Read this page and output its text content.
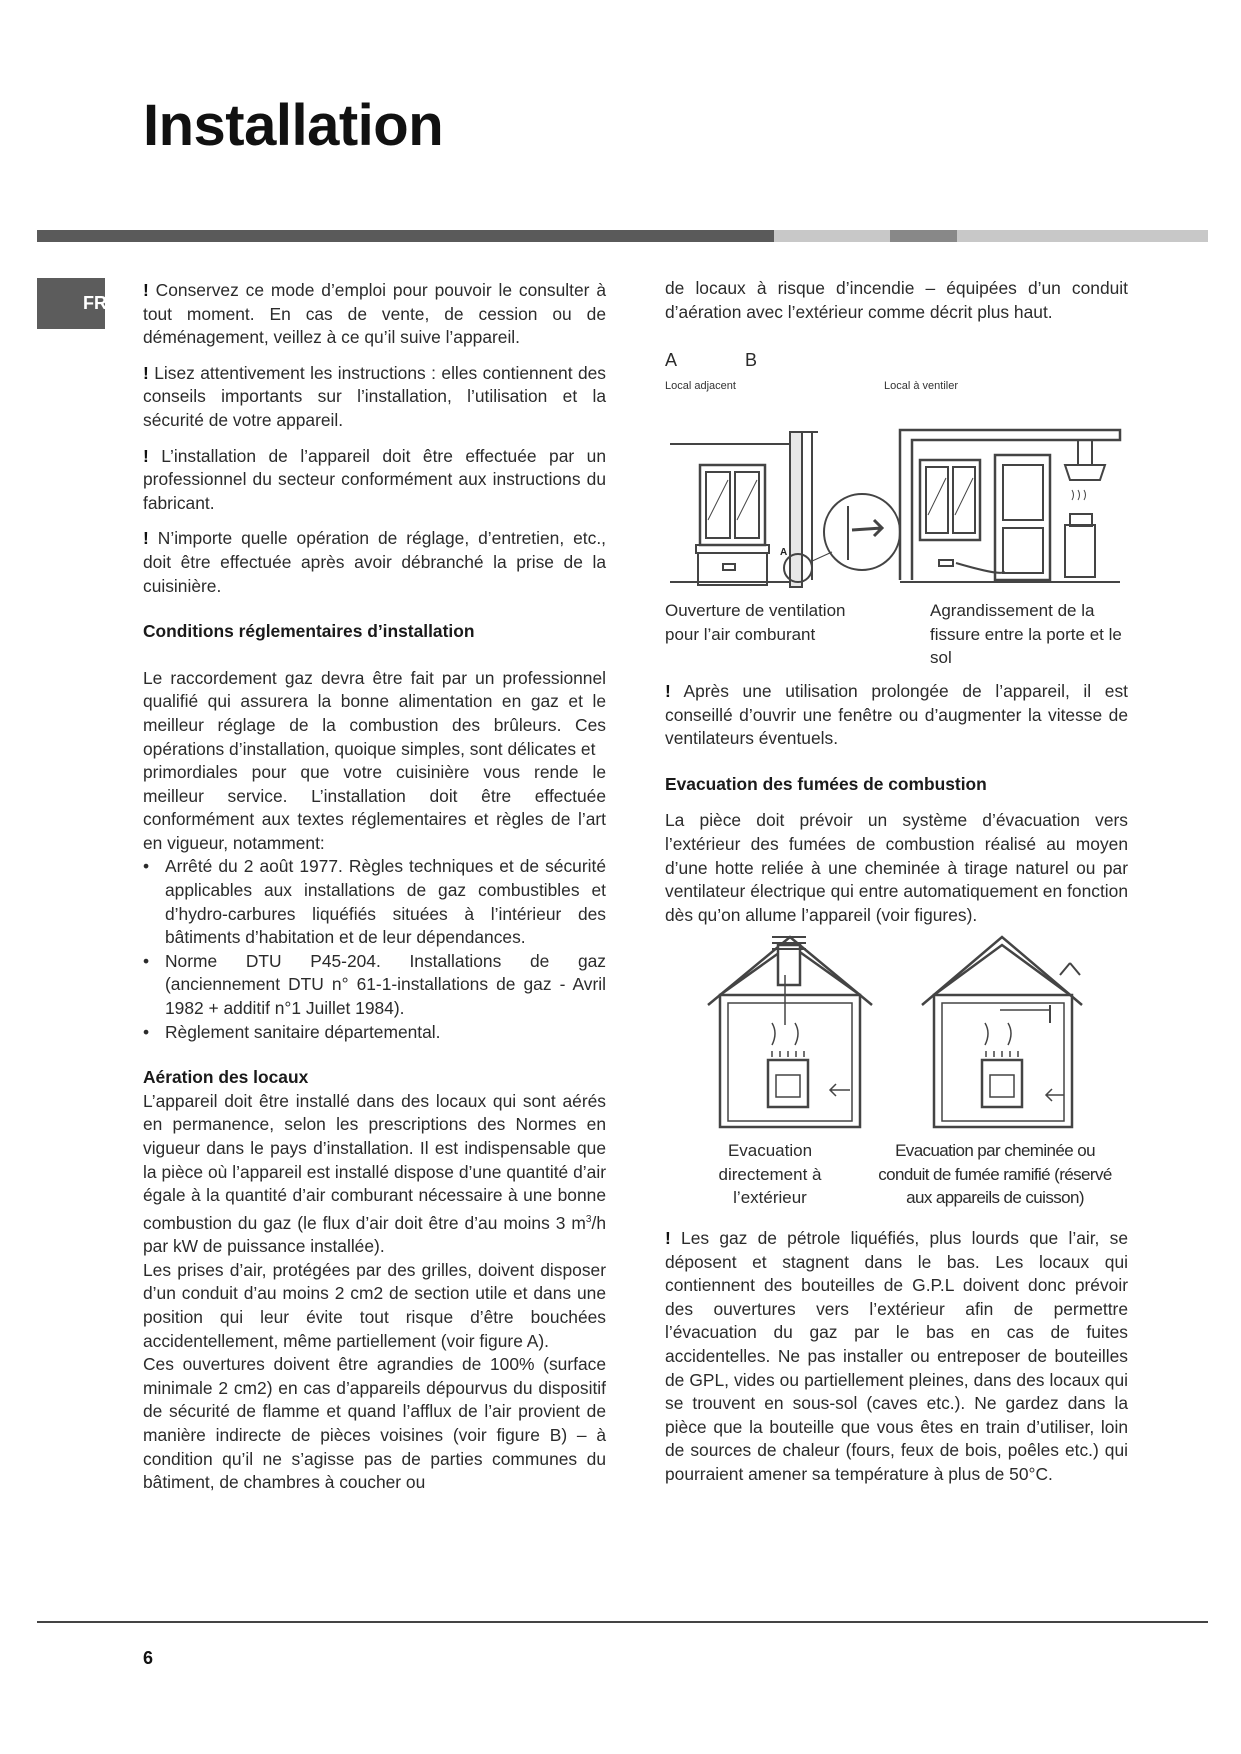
Installation
FR

! Conservez ce mode d’emploi pour pouvoir le consulter à tout moment. En cas de vente, de cession ou de déménagement, veillez à ce qu’il suive l’appareil.

! Lisez attentivement les instructions : elles contiennent des conseils importants sur l’installation, l’utilisation et la sécurité de votre appareil.

! L’installation de l’appareil doit être effectuée par un professionnel du secteur conformément aux instructions du fabricant.

! N’importe quelle opération de réglage, d’entretien, etc., doit être effectuée après avoir débranché la prise de la cuisinière.

Conditions réglementaires d’installation

Le raccordement gaz devra être fait par un professionnel qualifié qui assurera la bonne alimentation en gaz et le meilleur réglage de la combustion des brûleurs. Ces opérations d’installation, quoique simples, sont délicates et

primordiales pour que votre cuisinière vous rende le meilleur service. L’installation doit être effectuée conformément aux textes réglementaires et règles de l’art en vigueur, notamment:

• Arrêté du 2 août 1977. Règles techniques et de sécurité applicables aux installations de gaz combustibles et d’hydro-carbures liquéfiés situées à l’intérieur des bâtiments d’habitation et de leur dépendances.
• Norme DTU P45-204. Installations de gaz (anciennement DTU n° 61-1-installations de gaz - Avril 1982 + additif n°1 Juillet 1984).
• Règlement sanitaire départemental.
Aération des locaux

L’appareil doit être installé dans des locaux qui sont aérés en permanence, selon les prescriptions des Normes en vigueur dans le pays d’installation. Il est indispensable que la pièce où l’appareil est installé dispose d’une quantité d’air égale à la quantité d’air comburant nécessaire à une bonne combustion du gaz (le flux d’air doit être d’au moins 3 $m^3/h$ par kW de puissance installée).

Les prises d’air, protégées par des grilles, doivent disposer d’un conduit d’au moins 2 cm2 de section utile et dans une position qui leur évite tout risque d’être bouchées accidentellement, même partiellement (voir figure A).

Ces ouvertures doivent être agrandies de 100% (surface minimale 2 cm2) en cas d’appareils dépourvus du dispositif de sécurité de flamme et quand l’afflux de l’air provient de manière indirecte de pièces voisines (voir figure B) – à condition qu’il ne s’agisse pas de parties communes du bâtiment, de chambres à coucher ou

de locaux à risque d’incendie – équipées d’un conduit d’aération avec l’extérieur comme décrit plus haut.

A	B
Local adjacent	Local à ventiler
A
Ouverture de ventilation pour l’air comburant
Agrandissement de la fissure entre la porte et le sol

! Après une utilisation prolongée de l’appareil, il est conseillé d’ouvrir une fenêtre ou d’augmenter la vitesse de ventilateurs éventuels.

Evacuation des fumées de combustion

La pièce doit prévoir un système d’évacuation vers l’extérieur des fumées de combustion réalisé au moyen d’une hotte reliée à une cheminée à tirage naturel ou par ventilateur électrique qui entre automatiquement en fonction dès qu’on allume l’appareil (voir figures).

Evacuation directement à l’extérieur
Evacuation par cheminée ou conduit de fumée ramifié (réservé aux appareils de cuisson)

! Les gaz de pétrole liquéfiés, plus lourds que l’air, se déposent et stagnent dans le bas. Les locaux qui contiennent des bouteilles de G.P.L doivent donc prévoir des ouvertures vers l’extérieur afin de permettre l’évacuation du gaz par le bas en cas de fuites accidentelles. Ne pas installer ou entreposer de bouteilles de GPL, vides ou partiellement pleines, dans des locaux qui se trouvent en sous-sol (caves etc.). Ne gardez dans la pièce que la bouteille que vous êtes en train d’utiliser, loin de sources de chaleur (fours, feux de bois, poêles etc.) qui pourraient amener sa température à plus de 50°C.

6
